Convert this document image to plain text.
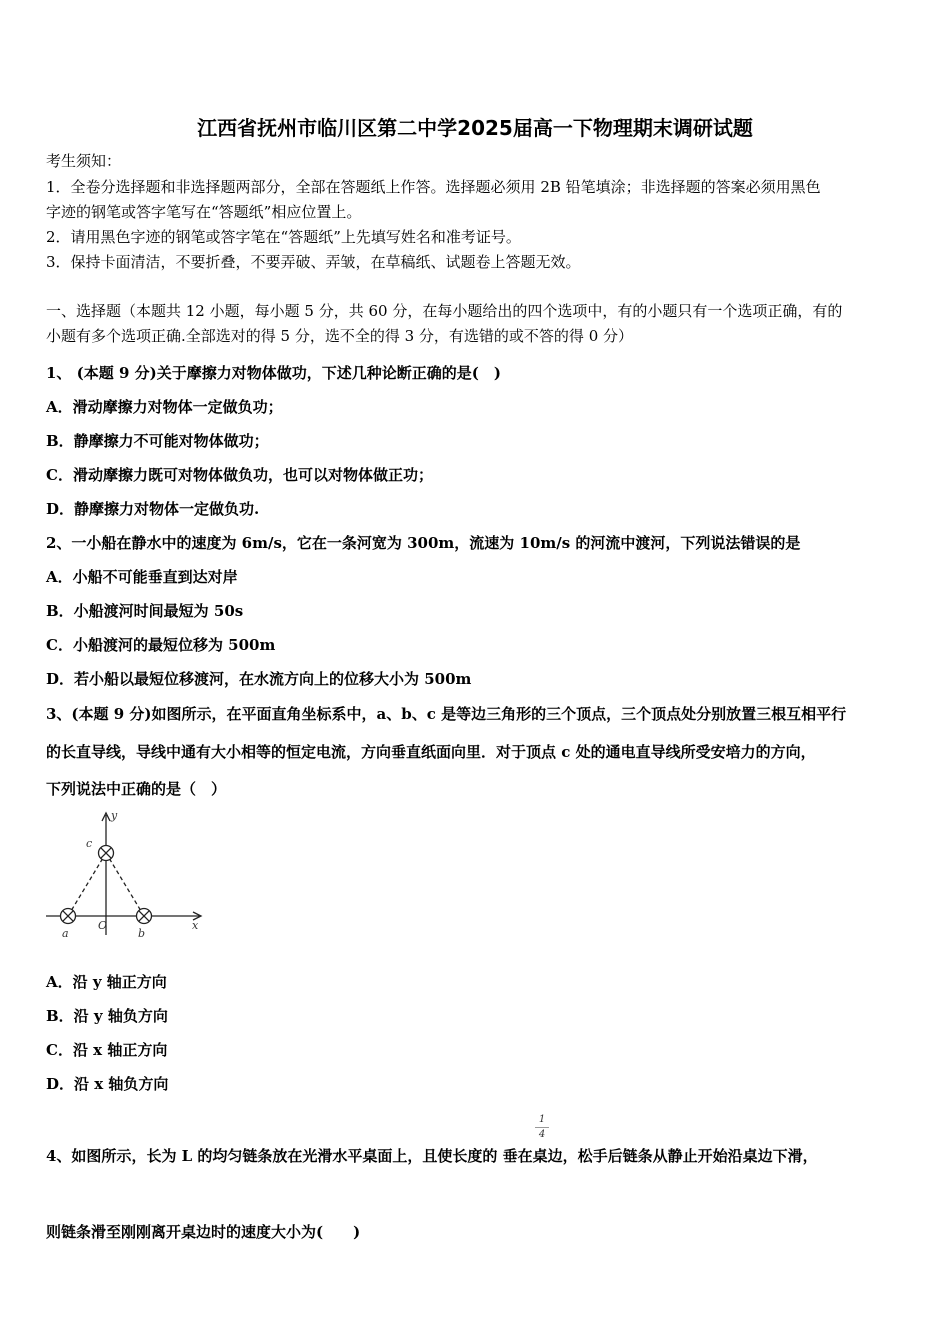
江西省抚州市临川区第二中学2025届高一下物理期末调研试题
考生须知：
1．全卷分选择题和非选择题两部分，全部在答题纸上作答。选择题必须用 2B 铅笔填涂；非选择题的答案必须用黑色
字迹的钢笔或答字笔写在“答题纸”相应位置上。
2．请用黑色字迹的钢笔或答字笔在“答题纸”上先填写姓名和准考证号。
3．保持卡面清洁，不要折叠，不要弄破、弄皱，在草稿纸、试题卷上答题无效。
一、选择题（本题共 12 小题，每小题 5 分，共 60 分，在每小题给出的四个选项中，有的小题只有一个选项正确，有的
小题有多个选项正确.全部选对的得 5 分，选不全的得 3 分，有选错的或不答的得 0 分）
1、 (本题 9 分)关于摩擦力对物体做功，下述几种论断正确的是(　)
A．滑动摩擦力对物体一定做负功；
B．静摩擦力不可能对物体做功；
C．滑动摩擦力既可对物体做负功，也可以对物体做正功；
D．静摩擦力对物体一定做负功.
2、一小船在静水中的速度为 6m/s，它在一条河宽为 300m，流速为 10m/s 的河流中渡河，下列说法错误的是
A．小船不可能垂直到达对岸
B．小船渡河时间最短为 50s
C．小船渡河的最短位移为 500m
D．若小船以最短位移渡河，在水流方向上的位移大小为 500m
3、(本题 9 分)如图所示，在平面直角坐标系中，a、b、c 是等边三角形的三个顶点，三个顶点处分别放置三根互相平行
的长直导线，导线中通有大小相等的恒定电流，方向垂直纸面向里．对于顶点 c 处的通电直导线所受安培力的方向，
下列说法中正确的是（　）
y
c
a
O
b
x
A．沿 y 轴正方向
B．沿 y 轴负方向
C．沿 x 轴正方向
D．沿 x 轴负方向
1
4
4、如图所示，长为 L 的均匀链条放在光滑水平桌面上，且使长度的 垂在桌边，松手后链条从静止开始沿桌边下滑，
则链条滑至刚刚离开桌边时的速度大小为(　　)
